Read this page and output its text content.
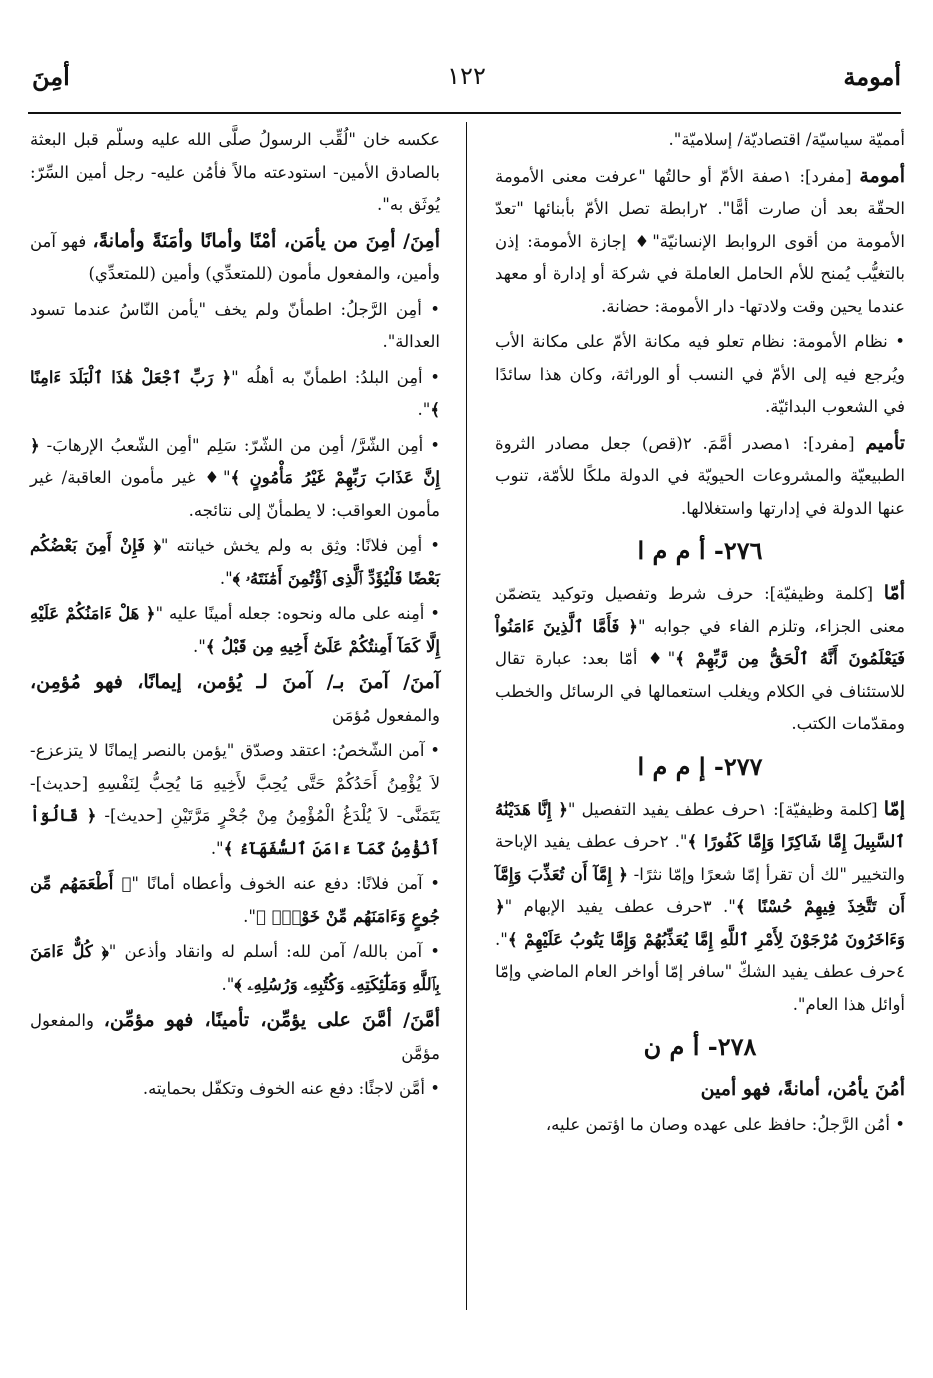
أمومة
١٢٢
أمِنَ

أمميّة سياسيّة/ اقتصاديّة/ إسلاميّة".

أمومة [مفرد]: ١صفة الأمّ أو حالتُها "عرفت معنى الأمومة الحقّة بعد أن صارت أمًّا". ٢رابطة تصل الأمّ بأبنائها "تعدّ الأمومة من أقوى الروابط الإنسانيّة"♦ إجازة الأمومة: إذن بالتغيُّب يُمنح للأم الحامل العاملة في شركة أو إدارة أو معهد عندما يحين وقت ولادتها- دار الأمومة: حضانة.

• نظام الأمومة: نظام تعلو فيه مكانة الأمّ على مكانة الأب ويُرجع فيه إلى الأمّ في النسب أو الوراثة، وكان هذا سائدًا في الشعوب البدائيّة.

تأميم [مفرد]: ١مصدر أمَّمَ. ٢(قص) جعل مصادر الثروة الطبيعيّة والمشروعات الحيويّة في الدولة ملكًا للأمّة، تنوب عنها الدولة في إدارتها واستغلالها.

٢٧٦- أ م م ا

أمّا [كلمة وظيفيّة]: حرف شرط وتفصيل وتوكيد يتضمّن معنى الجزاء، وتلزم الفاء في جوابه "﴿ فَأَمَّا ٱلَّذِينَ ءَامَنُواْ فَيَعْلَمُونَ أَنَّهُ ٱلْحَقُّ مِن رَّبِّهِمْ ﴾"♦ أمّا بعد: عبارة تقال للاستئناف في الكلام ويغلب استعمالها في الرسائل والخطب ومقدّمات الكتب.

٢٧٧- إ م م ا

إمّا [كلمة وظيفيّة]: ١حرف عطف يفيد التفصيل "﴿ إِنَّا هَدَيْنَٰهُ ٱلسَّبِيلَ إِمَّا شَاكِرًا وَإِمَّا كَفُورًا ﴾". ٢حرف عطف يفيد الإباحة والتخيير "لك أن تقرأ إمّا شعرًا وإمّا نثرًا- ﴿ إِمَّآ أَن تُعَذِّبَ وَإِمَّآ أَن تَتَّخِذَ فِيهِمْ حُسْنًا ﴾". ٣حرف عطف يفيد الإبهام "﴿ وَءَاخَرُونَ مُرْجَوْنَ لِأَمْرِ ٱللَّهِ إِمَّا يُعَذِّبُهُمْ وَإِمَّا يَتُوبُ عَلَيْهِمْ ﴾". ٤حرف عطف يفيد الشكّ "سافر إمّا أواخر العام الماضي وإمّا أوائل هذا العام".

٢٧٨- أ م ن

أمُنَ يأمُن، أمانةً، فهو أمين

• أمُن الرَّجلُ: حافظ على عهده وصان ما اؤتمن عليه،

عكسه خان "لُقِّب الرسولُ صلَّى الله عليه وسلّم قبل البعثة بالصادق الأمين- استودعته مالاً فأمُن عليه- رجل أمين السِّرّ: يُوثَق به".

أمِنَ/ أمِنَ من يأمَن، أمْنًا وأمانًا وأمَنَةً وأمانةً، فهو آمن وأمين، والمفعول مأمون (للمتعدِّي) وأمين (للمتعدِّي)

• أمِن الرَّجلُ: اطمأنّ ولم يخف "يأمن النّاسُ عندما تسود العدالة".

• أمِن البلدُ: اطمأنّ به أهلُه "﴿ رَبِّ ٱجْعَلْ هَٰذَا ٱلْبَلَدَ ءَامِنًا ﴾".

• أمِن الشّرَّ/ أمِن من الشّرّ: سَلِم "أمِن الشّعبُ الإرهابَ- ﴿ إِنَّ عَذَابَ رَبِّهِمْ غَيْرُ مَأْمُونٍ ﴾"♦ غير مأمون العاقبة/ غير مأمون العواقب: لا يطمأنّ إلى نتائجه.

• أمِن فلانًا: وثِق به ولم يخش خيانته "﴿ فَإِنْ أَمِنَ بَعْضُكُم بَعْضًا فَلْيُؤَدِّ ٱلَّذِى ٱؤْتُمِنَ أَمَٰنَتَهُۥ ﴾".

• أمِنه على ماله ونحوه: جعله أمينًا عليه "﴿ هَلْ ءَامَنُكُمْ عَلَيْهِ إِلَّا كَمَآ أَمِنتُكُمْ عَلَىٰٓ أَخِيهِ مِن قَبْلُ ﴾".

آمنَ/ آمنَ بـ/ آمنَ لـ يُؤمن، إيمانًا، فهو مُؤمِن، والمفعول مُؤمَن

• آمن الشّخصُ: اعتقد وصدّق "يؤمن بالنصر إيمانًا لا يتزعزع- لاَ يُؤْمِنُ أَحَدُكُمْ حَتَّى يُحِبَّ لأَخِيهِ مَا يُحِبُّ لِنَفْسِهِ [حديث]- يَتَمَنَّى- لاَ يُلْدَغُ الْمُؤْمِنُ مِنْ جُحْرٍ مَرَّتَيْنِ [حديث]- ﴿ قَالُوٓاْ أَنُؤْمِنُ كَمَآ ءَامَنَ ٱلسُّفَهَآءُ ﴾".

• آمن فلانًا: دفع عنه الخوف وأعطاه أمانًا "﴿ أَطْعَمَهُم مِّن جُوعٍ وَءَامَنَهُم مِّنْ خَوْفٍۭ ﴾".

• آمن بالله/ آمن لله: أسلم له وانقاد وأذعن "﴿ كُلٌّ ءَامَنَ بِٱللَّهِ وَمَلَٰٓئِكَتِهِۦ وَكُتُبِهِۦ وَرُسُلِهِۦ ﴾".

أمَّنَ/ أمَّنَ على يؤمِّن، تأمينًا، فهو مؤمِّن، والمفعول مؤمَّن

• أمَّن لاجئًا: دفع عنه الخوف وتكفّل بحمايته.
